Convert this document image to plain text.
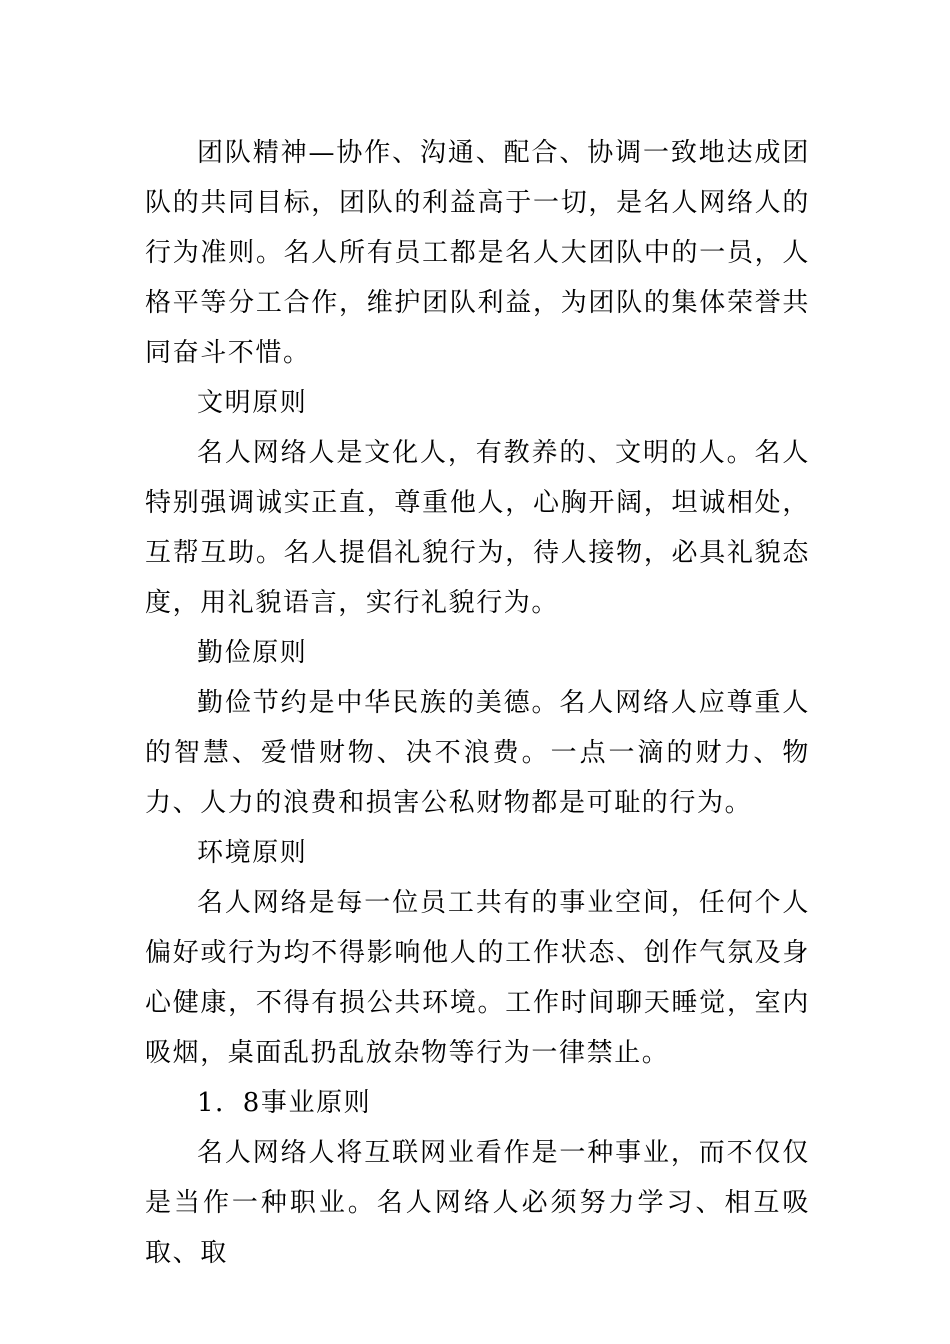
团队精神—协作、沟通、配合、协调一致地达成团队的共同目标，团队的利益高于一切，是名人网络人的行为准则。名人所有员工都是名人大团队中的一员，人格平等分工合作，维护团队利益，为团队的集体荣誉共同奋斗不惜。

文明原则

名人网络人是文化人，有教养的、文明的人。名人特别强调诚实正直，尊重他人，心胸开阔，坦诚相处，互帮互助。名人提倡礼貌行为，待人接物，必具礼貌态度，用礼貌语言，实行礼貌行为。

勤俭原则

勤俭节约是中华民族的美德。名人网络人应尊重人的智慧、爱惜财物、决不浪费。一点一滴的财力、物力、人力的浪费和损害公私财物都是可耻的行为。

环境原则

名人网络是每一位员工共有的事业空间，任何个人偏好或行为均不得影响他人的工作状态、创作气氛及身心健康，不得有损公共环境。工作时间聊天睡觉，室内吸烟，桌面乱扔乱放杂物等行为一律禁止。

1．8事业原则

名人网络人将互联网业看作是一种事业，而不仅仅是当作一种职业。名人网络人必须努力学习、相互吸取、取
